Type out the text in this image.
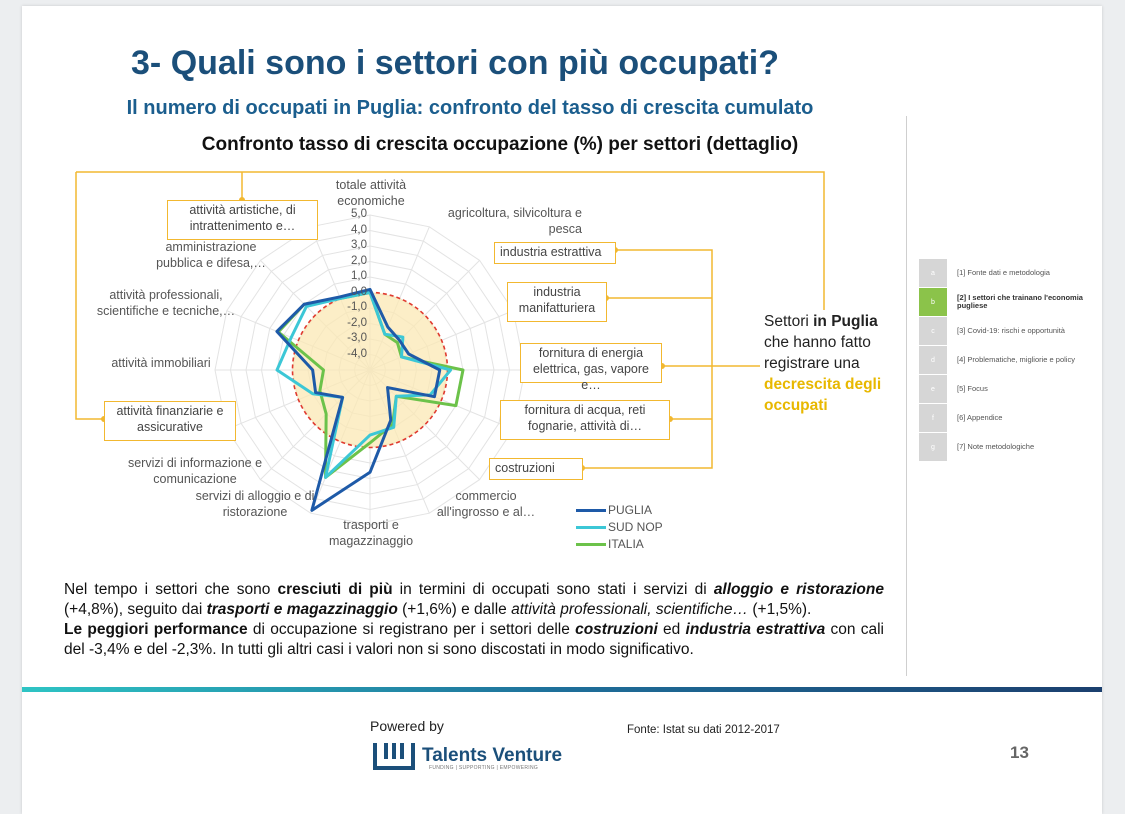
3- Quali sono i settori con più occupati?
Il numero di occupati in Puglia: confronto del tasso di crescita cumulato
Confronto tasso di crescita occupazione (%) per settori (dettaglio)
totale attività economiche
agricoltura, silvicoltura e pesca
industria estrattiva
industria manifatturiera
fornitura di energia elettrica, gas, vapore e…
fornitura di acqua, reti fognarie, attività di…
costruzioni
commercio all'ingrosso e al…
trasporti e magazzinaggio
servizi di alloggio e di ristorazione
servizi di informazione e comunicazione
attività finanziarie e assicurative
attività immobiliari
attività professionali, scientifiche e tecniche,…
amministrazione pubblica e difesa,…
attività artistiche, di intrattenimento e…
5,0
4,0
3,0
2,0
1,0
0,0
-1,0
-2,0
-3,0
-4,0
PUGLIA
SUD NOP
ITALIA
Settori in Puglia che hanno fatto registrare una decrescita degli occupati
a	[1] Fonte dati e metodologia
b	[2] I settori che trainano l'economia pugliese
c	[3] Covid-19: rischi e opportunità
d	[4] Problematiche, migliorie e policy
e	[5] Focus
f	[6] Appendice
g	[7] Note metodologiche
Nel tempo i settori che sono cresciuti di più in termini di occupati sono stati i servizi di alloggio e ristorazione (+4,8%), seguito dai trasporti e magazzinaggio (+1,6%) e dalle attività professionali, scientifiche… (+1,5%).
Le peggiori performance di occupazione si registrano per i settori delle costruzioni ed industria estrattiva con cali del -3,4% e del -2,3%. In tutti gli altri casi i valori non si sono discostati in modo significativo.
Powered by
Talents Venture
FUNDING | SUPPORTING | EMPOWERING
Fonte: Istat su dati 2012-2017
13
